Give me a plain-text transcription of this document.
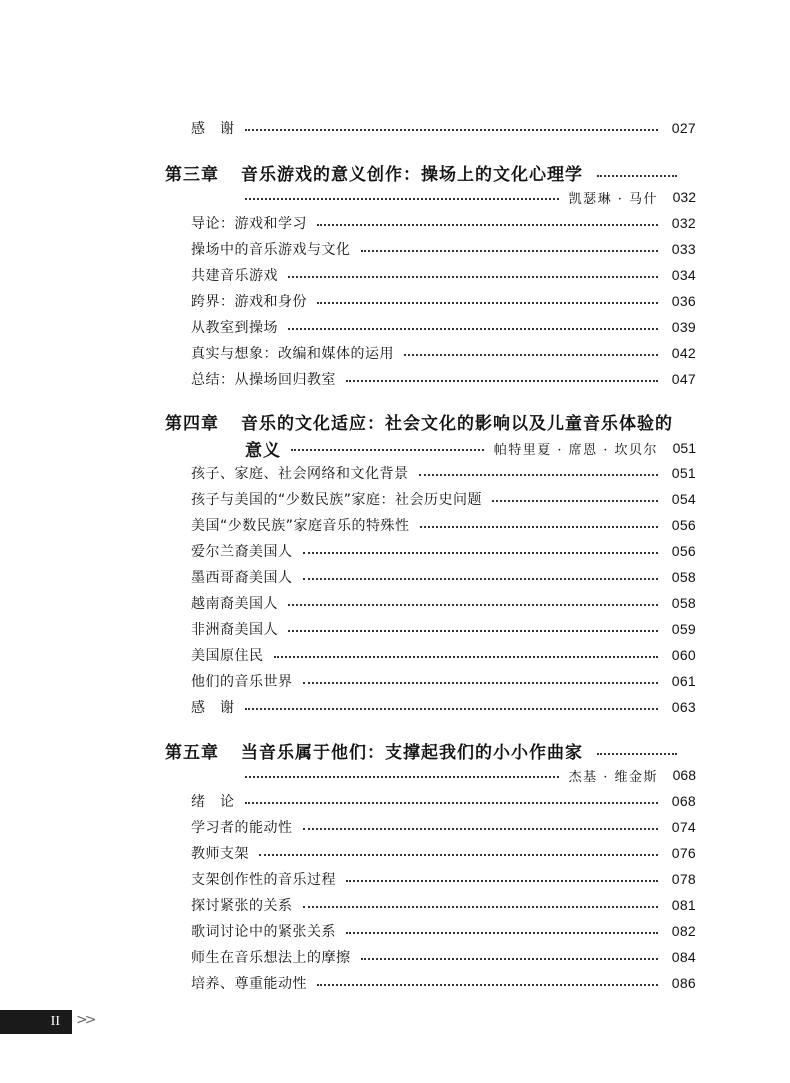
感　谢	027
第三章 音乐游戏的意义创作：操场上的文化心理学
凯瑟琳 · 马什	032
导论：游戏和学习	032
操场中的音乐游戏与文化	033
共建音乐游戏	034
跨界：游戏和身份	036
从教室到操场	039
真实与想象：改编和媒体的运用	042
总结：从操场回归教室	047
第四章 音乐的文化适应：社会文化的影响以及儿童音乐体验的
意义	帕特里夏 · 席恩 · 坎贝尔	051
孩子、家庭、社会网络和文化背景	051
孩子与美国的“少数民族”家庭：社会历史问题	054
美国“少数民族”家庭音乐的特殊性	056
爱尔兰裔美国人	056
墨西哥裔美国人	058
越南裔美国人	058
非洲裔美国人	059
美国原住民	060
他们的音乐世界	061
感　谢	063
第五章 当音乐属于他们：支撑起我们的小小作曲家
杰基 · 维金斯	068
绪　论	068
学习者的能动性	074
教师支架	076
支架创作性的音乐过程	078
探讨紧张的关系	081
歌词讨论中的紧张关系	082
师生在音乐想法上的摩擦	084
培养、尊重能动性	086
II >>
